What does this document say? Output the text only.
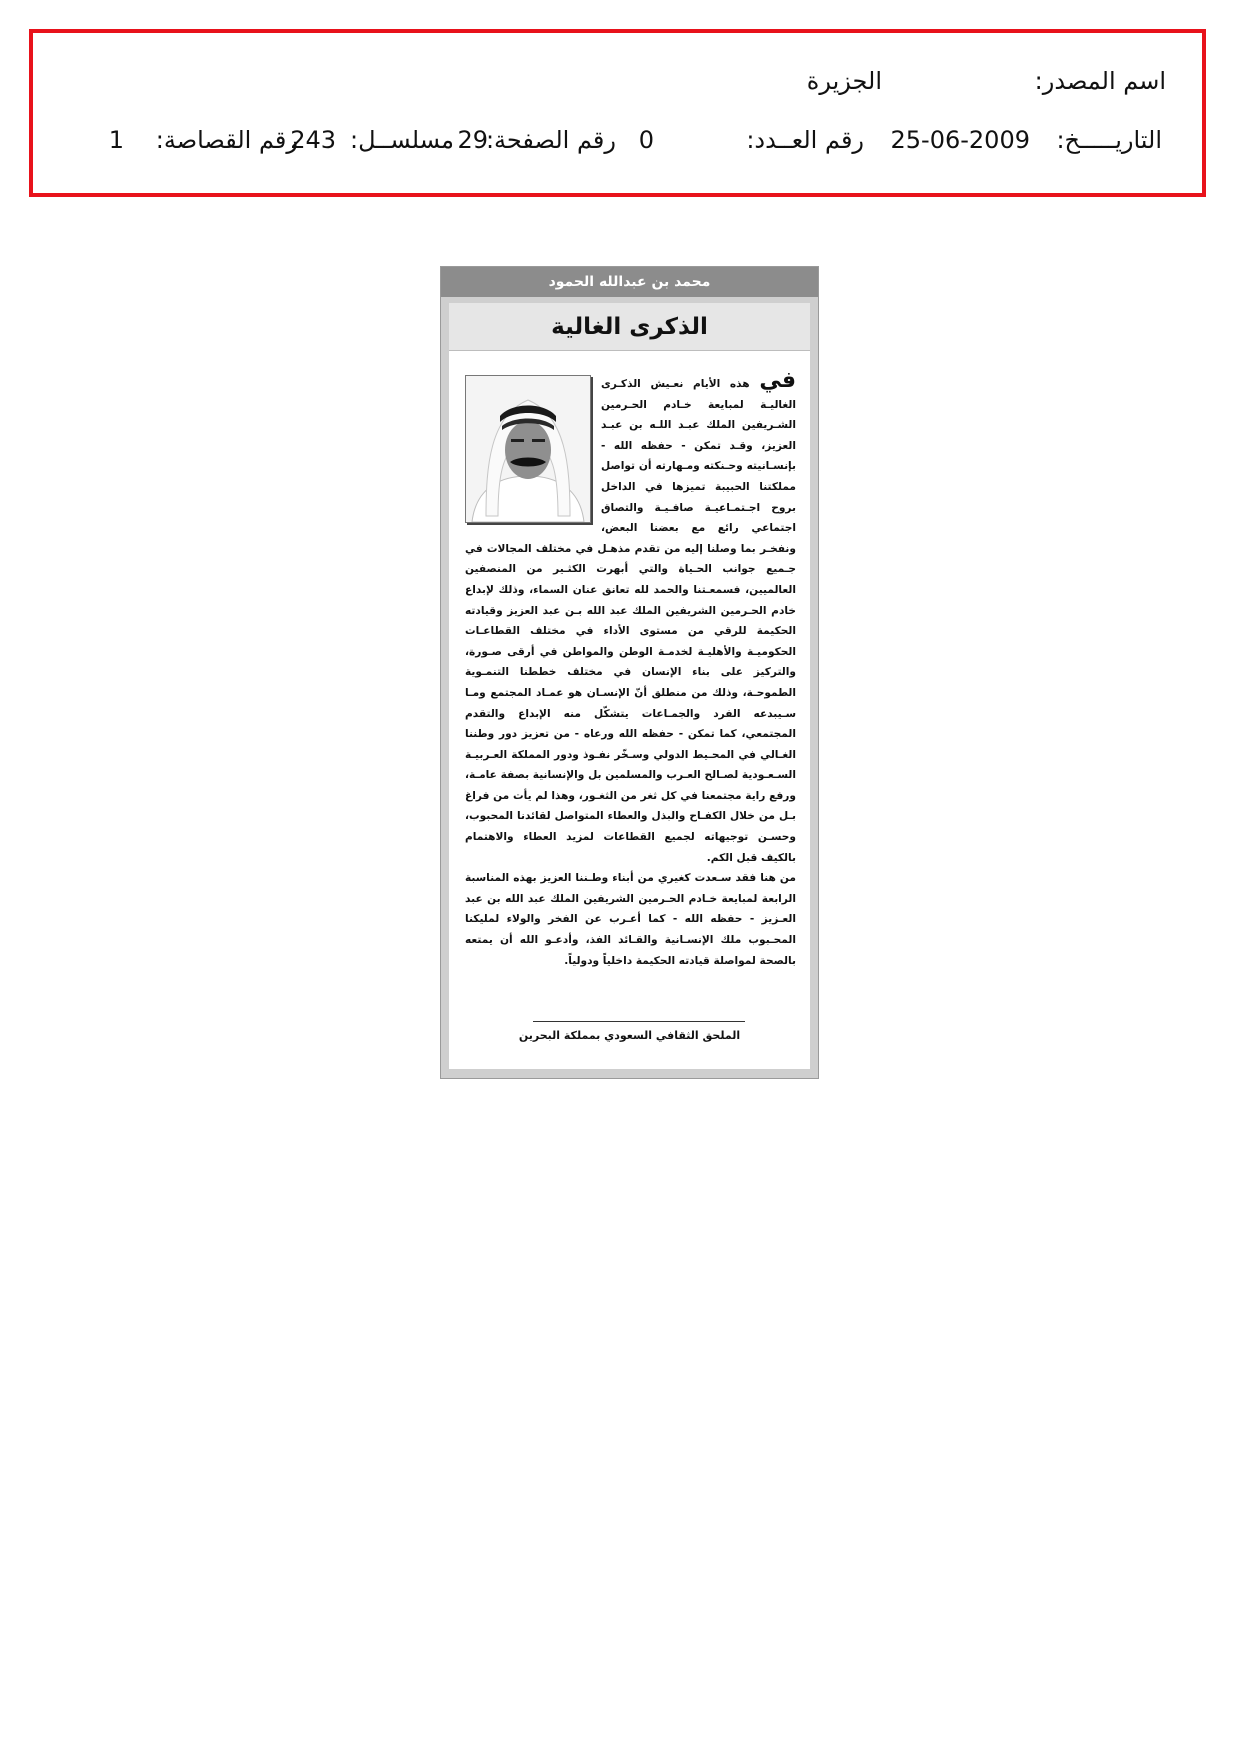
اسم المصدر:
الجزيرة
التاريـــــخ:
25-06-2009
رقم العــدد:
0
رقم الصفحة:
29
مسلســل:
243
رقم القصاصة:
1
محمد بن عبدالله الحمود
الذكرى الغالية

في هذه الأيام نعـيش الذكـرى الغاليـة لمبايعة خـادم الحـرمين الشـريفين الملك عبـد اللـه بن عبـد العزيز، وقـد تمكن - حفظه الله - بإنسـانيته وحـنكته ومـهارته أن تواصل مملكتنا الحبيبة تميزها في الداخل بروح اجـتمـاعيـة صافـيـة والتصاق اجتماعي رائع مع بعضنا البعض، ونفخـر بما وصلنا إليه من تقدم مذهـل في مختلف المجالات في جـميع جوانب الحـياة والتي أبهرت الكثـير من المنصفين العالميين، فسمعـتنا والحمد لله تعانق عنان السماء، وذلك لإبداع خادم الحـرمين الشريفين الملك عبد الله بـن عبد العزيز وقيادته الحكيمة للرقي من مستوى الأداء في مختلف القطاعـات الحكوميـة والأهليـة لخدمـة الوطن والمواطن في أرقى صـورة، والتركيز على بناء الإنسان في مختلف خططنا التنمـوية الطموحـة، وذلك من منطلق أنّ الإنسـان هو عمـاد المجتمع ومـا سـيبدعه الفرد والجمـاعات يتشكّل منه الإبداع والتقدم المجتمعي، كما تمكن - حفظه الله ورعاه - من تعزيز دور وطننا الغـالي في المحـيط الدولي وسـخّر نفـوذ ودور المملكة العـربيـة السـعـودية لصـالح العـرب والمسلمين بل والإنسانية بصفة عامـة، ورفع راية مجتمعنا في كل ثغر من الثغـور، وهذا لم يأت من فراغ بـل من خلال الكفـاح والبذل والعطاء المتواصل لقائدنا المحبوب، وحسـن توجيهاته لجميع القطاعات لمزيد العطاء والاهتمام بالكيف قبل الكم.

من هنا فقد سـعدت كغيري من أبناء وطـننا العزيز بهذه المناسبة الرابعة لمبايعة خـادم الحـرمين الشريفين الملك عبد الله بن عبد العـزيز - حفظه الله - كما أعـرب عن الفخر والولاء لمليكنا المحـبوب ملك الإنسـانية والقـائد الفذ، وأدعـو الله أن يمتعه بالصحة لمواصلة قيادته الحكيمة داخلياً ودولياً.

الملحق الثقافي السعودي بمملكة البحرين
